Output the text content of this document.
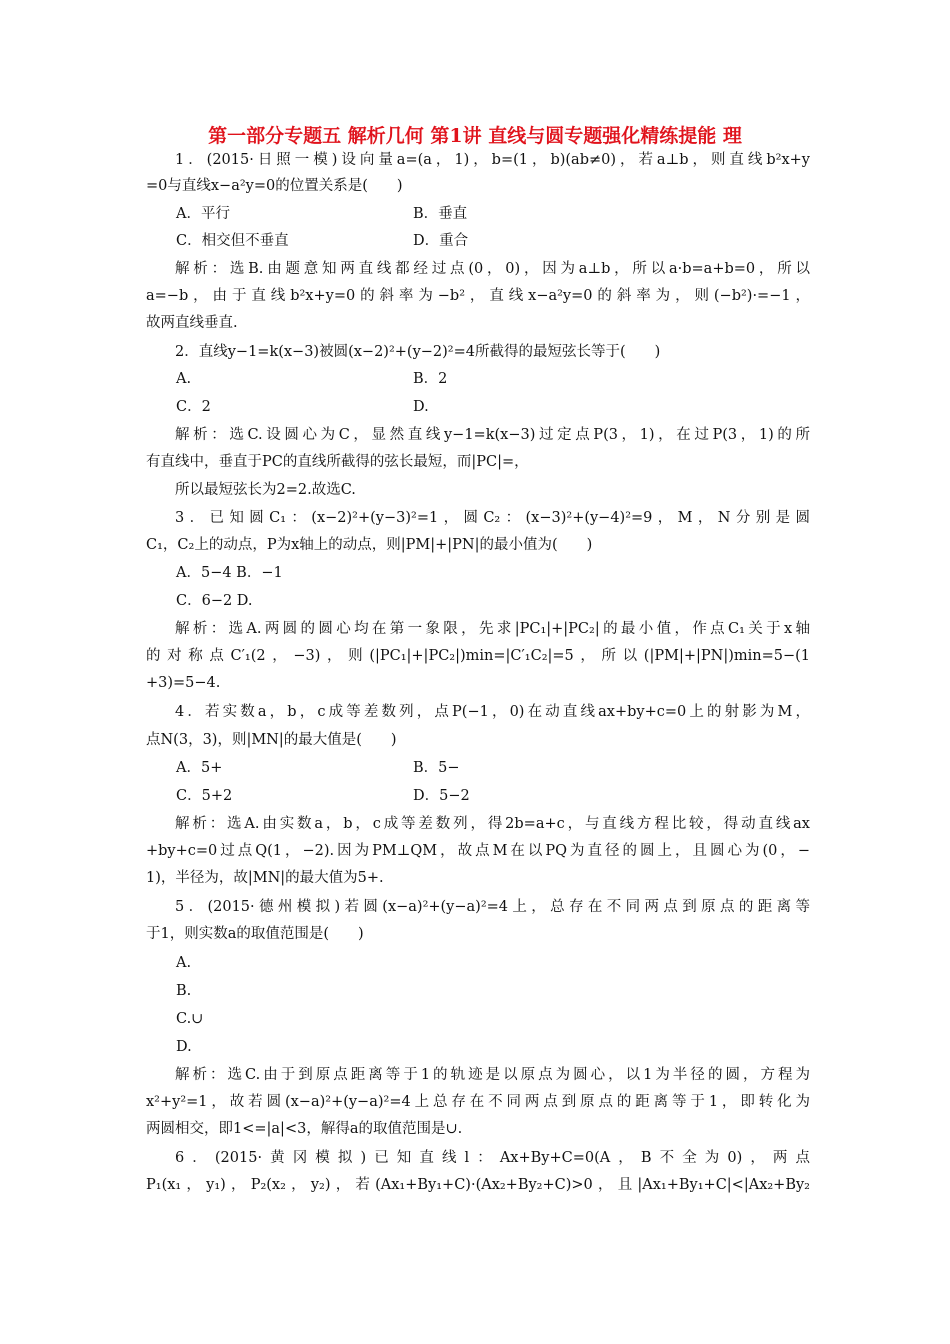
第一部分专题五 解析几何 第1讲 直线与圆专题强化精练提能 理
1．(2015·日照一模)设向量a=(a，1)，b=(1，b)(ab≠0)，若a⊥b，则直线b²x+y
=0与直线x−a²y=0的位置关系是(　　)
A．平行	B．垂直
C．相交但不垂直	D．重合
解析：选B.由题意知两直线都经过点(0，0)，因为a⊥b，所以a·b=a+b=0，所以
a=−b，由于直线b²x+y=0的斜率为−b²，直线x−a²y=0的斜率为，则(−b²)·=−1，
故两直线垂直.
2．直线y−1=k(x−3)被圆(x−2)²+(y−2)²=4所截得的最短弦长等于(　　)
A.	B．2
C．2	D.
解析：选C.设圆心为C，显然直线y−1=k(x−3)过定点P(3，1)，在过P(3，1)的所
有直线中，垂直于PC的直线所截得的弦长最短，而|PC|=，
所以最短弦长为2=2.故选C.
3．已知圆C₁：(x−2)²+(y−3)²=1，圆C₂：(x−3)²+(y−4)²=9，M，N分别是圆
C₁，C₂上的动点，P为x轴上的动点，则|PM|+|PN|的最小值为(　　)
A．5−4 B．−1
C．6−2 D.
解析：选A.两圆的圆心均在第一象限，先求|PC₁|+|PC₂|的最小值，作点C₁关于x轴
的对称点C′₁(2，−3)，则(|PC₁|+|PC₂|)min=|C′₁C₂|=5，所以(|PM|+|PN|)min=5−(1
+3)=5−4.
4．若实数a，b，c成等差数列，点P(−1，0)在动直线ax+by+c=0上的射影为M，
点N(3，3)，则|MN|的最大值是(　　)
A．5+	B．5−
C．5+2	D．5−2
解析：选A.由实数a，b，c成等差数列，得2b=a+c，与直线方程比较，得动直线ax
+by+c=0过点Q(1，−2).因为PM⊥QM，故点M在以PQ为直径的圆上，且圆心为(0，−
1)，半径为，故|MN|的最大值为5+.
5．(2015·德州模拟)若圆(x−a)²+(y−a)²=4上，总存在不同两点到原点的距离等
于1，则实数a的取值范围是(　　)
A.
B.
C.∪
D.
解析：选C.由于到原点距离等于1的轨迹是以原点为圆心，以1为半径的圆，方程为
x²+y²=1，故若圆(x−a)²+(y−a)²=4上总存在不同两点到原点的距离等于1，即转化为
两圆相交，即1<=|a|<3，解得a的取值范围是∪.
6．(2015·黄冈模拟)已知直线l：Ax+By+C=0(A，B不全为0)，两点
P₁(x₁，y₁)，P₂(x₂，y₂)，若(Ax₁+By₁+C)·(Ax₂+By₂+C)>0，且|Ax₁+By₁+C|<|Ax₂+By₂
